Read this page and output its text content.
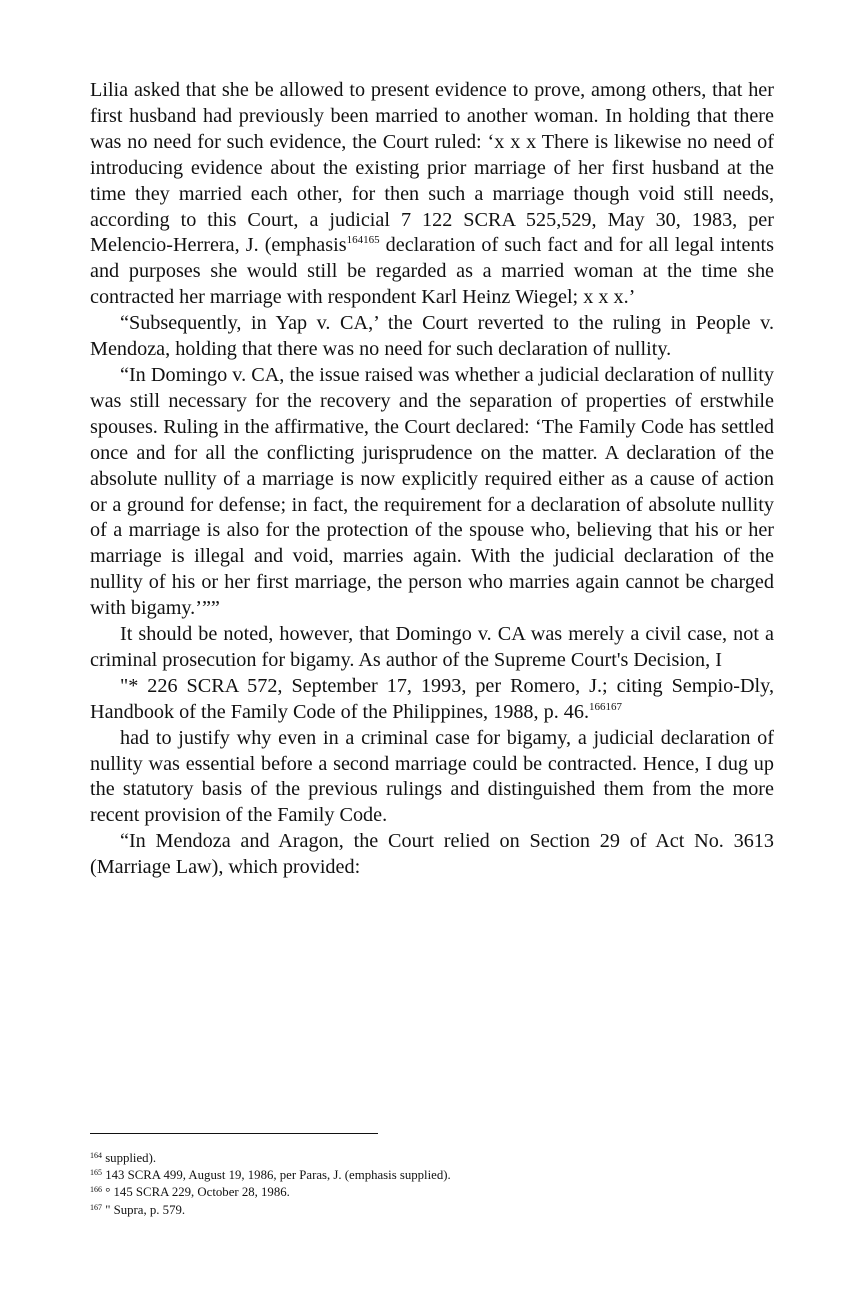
Lilia asked that she be allowed to present evidence to prove, among others, that her first husband had previously been married to another woman. In holding that there was no need for such evidence, the Court ruled: ‘x x x There is likewise no need of introducing evidence about the existing prior marriage of her first husband at the time they married each other, for then such a marriage though void still needs, according to this Court, a judicial 7 122 SCRA 525,529, May 30, 1983, per Melencio-Herrera, J. (emphasis$^{164165}$ declaration of such fact and for all legal intents and purposes she would still be regarded as a married woman at the time she contracted her marriage with respondent Karl Heinz Wiegel; x x x.’

“Subsequently, in Yap v. CA,’ the Court reverted to the ruling in People v. Mendoza, holding that there was no need for such declaration of nullity.

“In Domingo v. CA, the issue raised was whether a judicial declaration of nullity was still necessary for the recovery and the separation of properties of erstwhile spouses. Ruling in the affirmative, the Court declared: ‘The Family Code has settled once and for all the conflicting jurisprudence on the matter. A declaration of the absolute nullity of a marriage is now explicitly required either as a cause of action or a ground for defense; in fact, the requirement for a declaration of absolute nullity of a marriage is also for the protection of the spouse who, believing that his or her marriage is illegal and void, marries again. With the judicial declaration of the nullity of his or her first marriage, the person who marries again cannot be charged with bigamy.’””

It should be noted, however, that Domingo v. CA was merely a civil case, not a criminal prosecution for bigamy. As author of the Supreme Court's Decision, I

"* 226 SCRA 572, September 17, 1993, per Romero, J.; citing Sempio-Dly, Handbook of the Family Code of the Philippines, 1988, p. 46.$^{166167}$

had to justify why even in a criminal case for bigamy, a judicial declaration of nullity was essential before a second marriage could be contracted. Hence, I dug up the statutory basis of the previous rulings and distinguished them from the more recent provision of the Family Code.

“In Mendoza and Aragon, the Court relied on Section 29 of Act No. 3613 (Marriage Law), which provided:

$^{164}$ supplied).
$^{165}$ 143 SCRA 499, August 19, 1986, per Paras, J. (emphasis supplied).
$^{166}$ ° 145 SCRA 229, October 28, 1986.
$^{167}$ " Supra, p. 579.
